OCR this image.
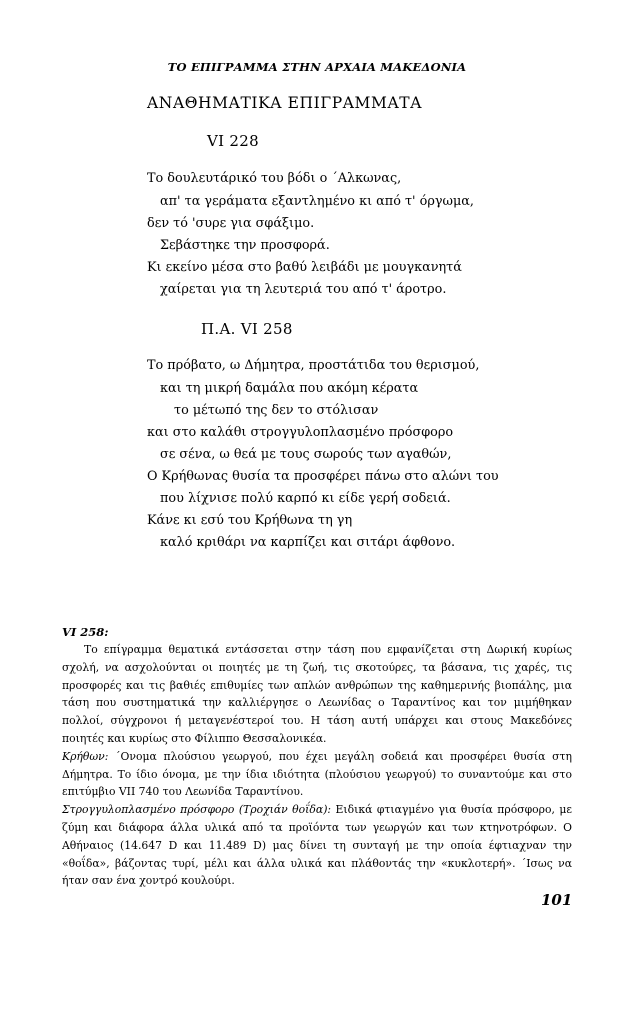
ΤΟ ΕΠΙΓΡΑΜΜΑ ΣΤΗΝ ΑΡΧΑΙΑ ΜΑΚΕΔΟΝΙΑ
ΑΝΑΘΗΜΑΤΙΚΑ ΕΠΙΓΡΑΜΜΑΤΑ
VI 228
Το δουλευτάρικό του βόδι ο ΄Αλκωνας,
απ' τα γεράματα εξαντλημένο κι από τ' όργωμα,
δεν τό 'συρε για σφάξιμο.
Σεβάστηκε την προσφορά.
Κι εκείνο μέσα στο βαθύ λειβάδι με μουγκανητά
χαίρεται για τη λευτεριά του από τ' άροτρο.
Π.Α. VI 258
Το πρόβατο, ω Δήμητρα, προστάτιδα του θερισμού,
και τη μικρή δαμάλα που ακόμη κέρατα
το μέτωπό της δεν το στόλισαν
και στο καλάθι στρογγυλοπλασμένο πρόσφορο
σε σένα, ω θεά με τους σωρούς των αγαθών,
Ο Κρήθωνας θυσία τα προσφέρει πάνω στο αλώνι του
που λίχνισε πολύ καρπό κι είδε γερή σοδειά.
Κάνε κι εσύ του Κρήθωνα τη γη
καλό κριθάρι να καρπίζει και σιτάρι άφθονο.
VI 258:

Το επίγραμμα θεματικά εντάσσεται στην τάση που εμφανίζεται στη Δωρική κυρίως σχολή, να ασχολούνται οι ποιητές με τη ζωή, τις σκοτούρες, τα βάσανα, τις χαρές, τις προσφορές και τις βαθιές επιθυμίες των απλών ανθρώπων της καθημερινής βιοπάλης, μια τάση που συστηματικά την καλλιέργησε ο Λεωνίδας ο Ταραντίνος και τον μιμήθηκαν πολλοί, σύγχρονοι ή μεταγενέστεροί του. Η τάση αυτή υπάρχει και στους Μακεδόνες ποιητές και κυρίως στο Φίλιππο Θεσσαλονικέα.

Κρήθων: ΄Ονομα πλούσιου γεωργού, που έχει μεγάλη σοδειά και προσφέρει θυσία στη Δήμητρα. Το ίδιο όνομα, με την ίδια ιδιότητα (πλούσιου γεωργού) το συναντούμε και στο επιτύμβιο VII 740 του Λεωνίδα Ταραντίνου.

Στρογγυλοπλασμένο πρόσφορο (Τροχιάν θοΐδα): Ειδικά φτιαγμένο για θυσία πρόσφορο, με ζύμη και διάφορα άλλα υλικά από τα προϊόντα των γεωργών και των κτηνοτρόφων. Ο Αθήναιος (14.647 D και 11.489 D) μας δίνει τη συνταγή με την οποία έφτιαχναν την «θοΐδα», βάζοντας τυρί, μέλι και άλλα υλικά και πλάθοντάς την «κυκλοτερή». ΄Ισως να ήταν σαν ένα χοντρό κουλούρι.

101
